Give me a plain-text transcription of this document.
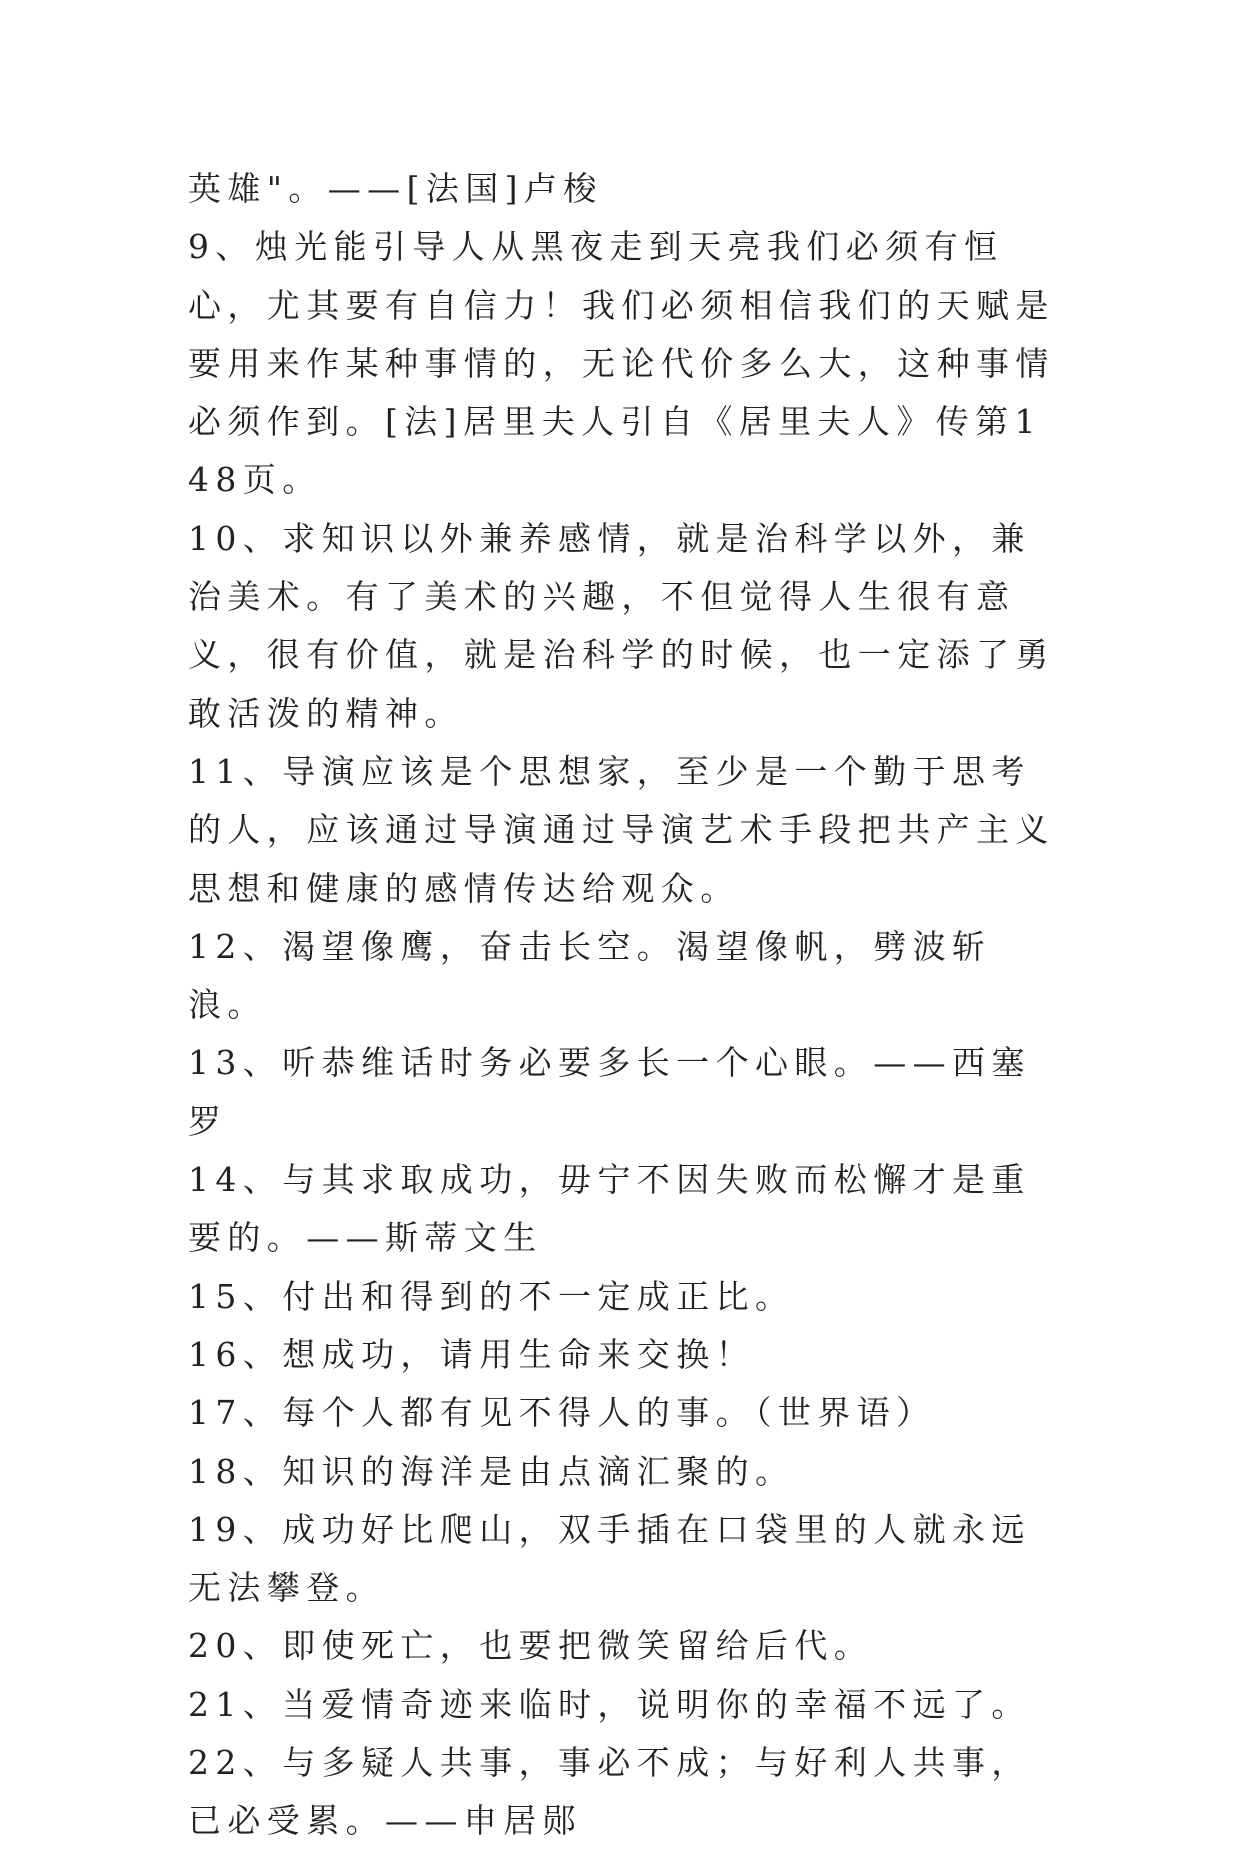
英雄"。——[法国]卢梭

9、烛光能引导人从黑夜走到天亮我们必须有恒心，尤其要有自信力！我们必须相信我们的天赋是要用来作某种事情的，无论代价多么大，这种事情必须作到。[法]居里夫人引自《居里夫人》传第148页。

10、求知识以外兼养感情，就是治科学以外，兼治美术。有了美术的兴趣，不但觉得人生很有意义，很有价值，就是治科学的时候，也一定添了勇敢活泼的精神。

11、导演应该是个思想家，至少是一个勤于思考的人，应该通过导演通过导演艺术手段把共产主义思想和健康的感情传达给观众。

12、渴望像鹰，奋击长空。渴望像帆，劈波斩浪。

13、听恭维话时务必要多长一个心眼。——西塞罗

14、与其求取成功，毋宁不因失败而松懈才是重要的。——斯蒂文生

15、付出和得到的不一定成正比。

16、想成功，请用生命来交换！

17、每个人都有见不得人的事。（世界语）

18、知识的海洋是由点滴汇聚的。

19、成功好比爬山，双手插在口袋里的人就永远无法攀登。

20、即使死亡，也要把微笑留给后代。

21、当爱情奇迹来临时，说明你的幸福不远了。

22、与多疑人共事，事必不成；与好利人共事，已必受累。——申居郧
